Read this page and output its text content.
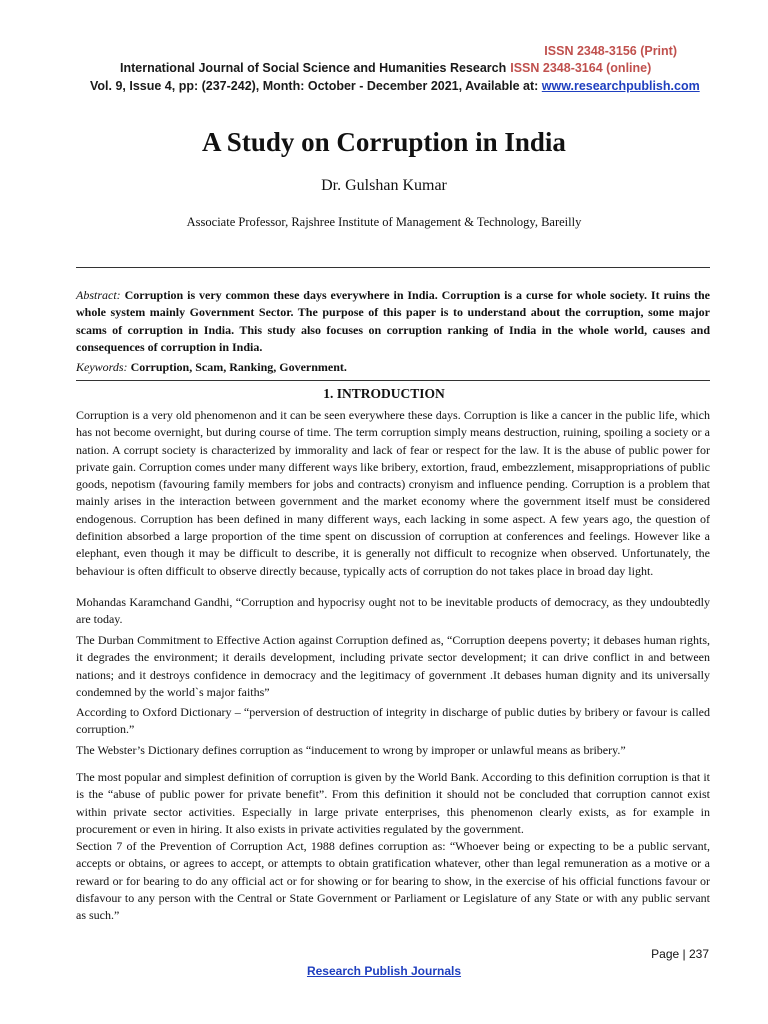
ISSN 2348-3156 (Print)
International Journal of Social Science and Humanities Research ISSN 2348-3164 (online)
Vol. 9, Issue 4, pp: (237-242), Month: October - December 2021, Available at: www.researchpublish.com
A Study on Corruption in India
Dr. Gulshan Kumar
Associate Professor, Rajshree Institute of Management & Technology, Bareilly

Abstract: Corruption is very common these days everywhere in India. Corruption is a curse for whole society. It ruins the whole system mainly Government Sector. The purpose of this paper is to understand about the corruption, some major scams of corruption in India. This study also focuses on corruption ranking of India in the whole world, causes and consequences of corruption in India.

Keywords: Corruption, Scam, Ranking, Government.

1. INTRODUCTION

Corruption is a very old phenomenon and it can be seen everywhere these days. Corruption is like a cancer in the public life, which has not become overnight, but during course of time. The term corruption simply means destruction, ruining, spoiling a society or a nation. A corrupt society is characterized by immorality and lack of fear or respect for the law. It is the abuse of public power for private gain. Corruption comes under many different ways like bribery, extortion, fraud, embezzlement, misappropriations of public goods, nepotism (favouring family members for jobs and contracts) cronyism and influence pending. Corruption is a problem that mainly arises in the interaction between government and the market economy where the government itself must be considered endogenous. Corruption has been defined in many different ways, each lacking in some aspect. A few years ago, the question of definition absorbed a large proportion of the time spent on discussion of corruption at conferences and feelings. However like a elephant, even though it may be difficult to describe, it is generally not difficult to recognize when observed. Unfortunately, the behaviour is often difficult to observe directly because, typically acts of corruption do not takes place in broad day light.

Mohandas Karamchand Gandhi, “Corruption and hypocrisy ought not to be inevitable products of democracy, as they undoubtedly are today.

The Durban Commitment to Effective Action against Corruption defined as, “Corruption deepens poverty; it debases human rights, it degrades the environment; it derails development, including private sector development; it can drive conflict in and between nations; and it destroys confidence in democracy and the legitimacy of government .It debases human dignity and its universally condemned by the world`s major faiths”

According to Oxford Dictionary – “perversion of destruction of integrity in discharge of public duties by bribery or favour is called corruption.”

The Webster’s Dictionary defines corruption as “inducement to wrong by improper or unlawful means as bribery.”

The most popular and simplest definition of corruption is given by the World Bank. According to this definition corruption is that it is the “abuse of public power for private benefit”. From this definition it should not be concluded that corruption cannot exist within private sector activities. Especially in large private enterprises, this phenomenon clearly exists, as for example in procurement or even in hiring. It also exists in private activities regulated by the government.

Section 7 of the Prevention of Corruption Act, 1988 defines corruption as: “Whoever being or expecting to be a public servant, accepts or obtains, or agrees to accept, or attempts to obtain gratification whatever, other than legal remuneration as a motive or a reward or for bearing to do any official act or for showing or for bearing to show, in the exercise of his official functions favour or disfavour to any person with the Central or State Government or Parliament or Legislature of any State or with any public servant as such.”

Page | 237
Research Publish Journals
